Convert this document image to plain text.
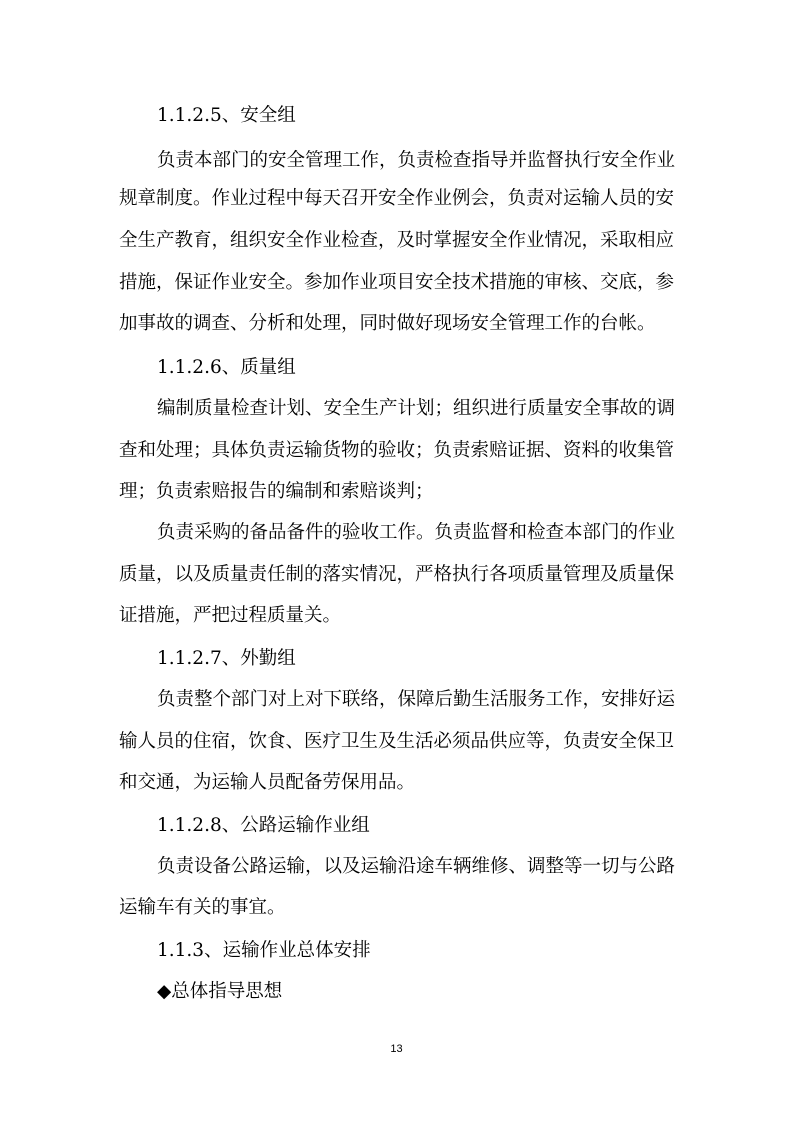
1.1.2.5、安全组
负责本部门的安全管理工作，负责检查指导并监督执行安全作业
规章制度。作业过程中每天召开安全作业例会，负责对运输人员的安
全生产教育，组织安全作业检查，及时掌握安全作业情况，采取相应
措施，保证作业安全。参加作业项目安全技术措施的审核、交底，参
加事故的调查、分析和处理，同时做好现场安全管理工作的台帐。
1.1.2.6、质量组
编制质量检查计划、安全生产计划；组织进行质量安全事故的调
查和处理；具体负责运输货物的验收；负责索赔证据、资料的收集管
理；负责索赔报告的编制和索赔谈判；
负责采购的备品备件的验收工作。负责监督和检查本部门的作业
质量，以及质量责任制的落实情况，严格执行各项质量管理及质量保
证措施，严把过程质量关。
1.1.2.7、外勤组
负责整个部门对上对下联络，保障后勤生活服务工作，安排好运
输人员的住宿，饮食、医疗卫生及生活必须品供应等，负责安全保卫
和交通，为运输人员配备劳保用品。
1.1.2.8、公路运输作业组
负责设备公路运输，以及运输沿途车辆维修、调整等一切与公路
运输车有关的事宜。
1.1.3、运输作业总体安排
◆总体指导思想
13
